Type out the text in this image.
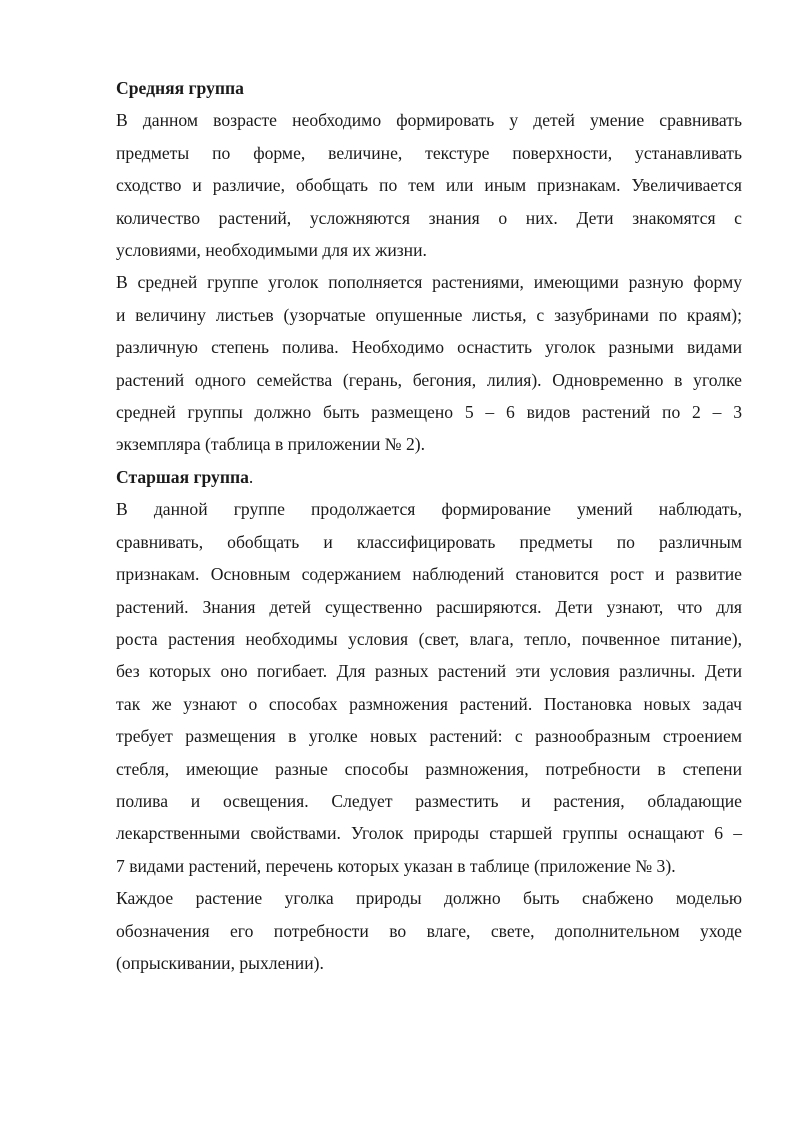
Средняя группа

В данном возрасте необходимо формировать у детей умение сравнивать
предметы по форме, величине, текстуре поверхности, устанавливать
сходство и различие, обобщать по тем или иным признакам. Увеличивается
количество растений, усложняются знания о них. Дети знакомятся с
условиями, необходимыми для их жизни.

В средней группе уголок пополняется растениями, имеющими разную форму
и величину листьев (узорчатые опушенные листья, с зазубринами по краям);
различную степень полива. Необходимо оснастить уголок разными видами
растений одного семейства (герань, бегония, лилия). Одновременно в уголке
средней группы должно быть размещено 5 – 6 видов растений по 2 – 3
экземпляра (таблица в приложении № 2).

Старшая группа.

В данной группе продолжается формирование умений наблюдать,
сравнивать, обобщать и классифицировать предметы по различным
признакам. Основным содержанием наблюдений становится рост и развитие
растений. Знания детей существенно расширяются. Дети узнают, что для
роста растения необходимы условия (свет, влага, тепло, почвенное питание),
без которых оно погибает. Для разных растений эти условия различны. Дети
так же узнают о способах размножения растений. Постановка новых задач
требует размещения в уголке новых растений: с разнообразным строением
стебля, имеющие разные способы размножения, потребности в степени
полива и освещения. Следует разместить и растения, обладающие
лекарственными свойствами. Уголок природы старшей группы оснащают 6 –
7 видами растений, перечень которых указан в таблице (приложение № 3).

Каждое растение уголка природы должно быть снабжено моделью
обозначения его потребности во влаге, свете, дополнительном уходе
(опрыскивании, рыхлении).
